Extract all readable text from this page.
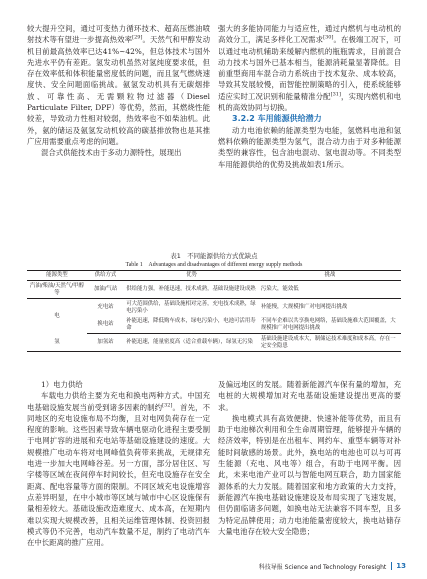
较大提升空间，通过可变热力循环技术、超高压燃油喷射技术等有望进一步提高热效率[29]。天然气和甲醇发动机目前最高热效率已达41%~42%，但总体技术与国外先进水平仍有差距。氢发动机虽然对氢纯度要求低，但存在效率低和体积能量密度低的问题，而且氢气燃烧速度快、安全问题面临挑战。氨氢发动机具有无碳烟排放、可靠性高、无需颗粒物过滤器（Diesel Particulate Filter, DPF）等优势，然而，其燃烧性能较差，导致动力性相对较弱，热效率也不如柴油机。此外，氨的储运及氨氢发动机较高的碳基排放物也是其推广应用需要重点考虑的问题。

混合式供能技术由于多动力源特性，展现出

强大的多能协同能力与适应性，通过内燃机与电动机的高效分工，满足多样化工况需求[30]。在极端工况下，可以通过电动机辅助来缓解内燃机的瓶瓶需求，目前混合动力技术与国外已基本相当，能源消耗量显著降低。目前重型商用车混合动力系统由于技术复杂、成本较高，导致其发展较慢，而智能控制策略的引入，使系统能够适应实时工况识别和能量精准分配[31]，实现内燃机和电机的高效协同与切换。

3.2.2 车用能源供给潜力

动力电池依赖的能源类型为电能，氢燃料电池和氢燃料依赖的能源类型为氢气，混合动力由于对多种能源类型的兼容性，包含油电混动、氢电混动等。不同类型车用能源供给的优势及挑战如表1所示。

表1　不同能源供给方式优缺点
Table 1　Advantages and disadvantages of different energy supply methods
能源类型	供给方式	优势	挑战
汽油/柴油/天然气/甲醇等	加油/气站	供给能力强，补能迅速，技术成熟，基础设施建设成熟	污染大，能效低
电	充电站	可大范围供给，基础设施相对完善，充电技术成熟，绿电污染小	补能慢，大规模推广对电网提出挑战
	换电站	补能迅速，降低购车成本，绿电污染小，电池可活用寿命	不同车企难以共享换电网络，基础设施难大范围覆盖，大规模推广对电网提出挑战
氢	加氢站	补能迅速，能量密度高（适合重载车辆），绿氢无污染	基础设施建设成本大，制储运技术难度和成本高，存在一定安全隐患

1）电力供给

车载电力供给主要为充电和换电两种方式。中国充电基础设施发展当前受到诸多因素的制约[32]。首先，不同地区的充电设施布局不均衡，且对电网负荷存在一定程度的影响。这些因素导致车辆电驱动化进程主要受制于电网扩容的进展和充电站等基础设施建设的速度。大规模推广电动车将对电网峰值负荷带来挑战，无规律充电进一步加大电网峰谷差。另一方面，部分居住区、写字楼等区域在夜间停车时间较长，但充电设施存在安全距离、配电容量等方面的限制。不同区域充电设施增容点差异明显，在中小城市等区域与城市中心区设施保有量相差较大。基础设施改造难度大、成本高，在短期内难以实现大规模改善，且相关运维管理体制、投资回报模式等仍不完善，电动汽车数量不足，制约了电动汽车在中长距离的推广应用。

及偏远地区的发展。随着新能源汽车保有量的增加，充电桩的大规模增加对充电基础设施建设提出更高的要求。

换电模式具有高效便捷、快速补能等优势，而且有助于电池梯次利用和全生命周期管理，能够提升车辆的经济效率，特别是在出租车、网约车、重型车辆等对补能时间敏感的场景。此外，换电站的电池也可以与可再生能源（充电、风电等）组合，有助于电网平衡。因此，未来电池产业可以与智能电网互联合，助力国家能源体系的大力发展。随着国家和地方政策的大力支持，新能源汽车换电基础设施建设及布局实现了飞速发展，但仍面临诸多问题，如换电站无法兼容不同车型，且多为特定品牌使用；动力电池能量密度较大，换电站储存大量电池存在较大安全隐患；

科技导报 Science and Technology Foresight 13
